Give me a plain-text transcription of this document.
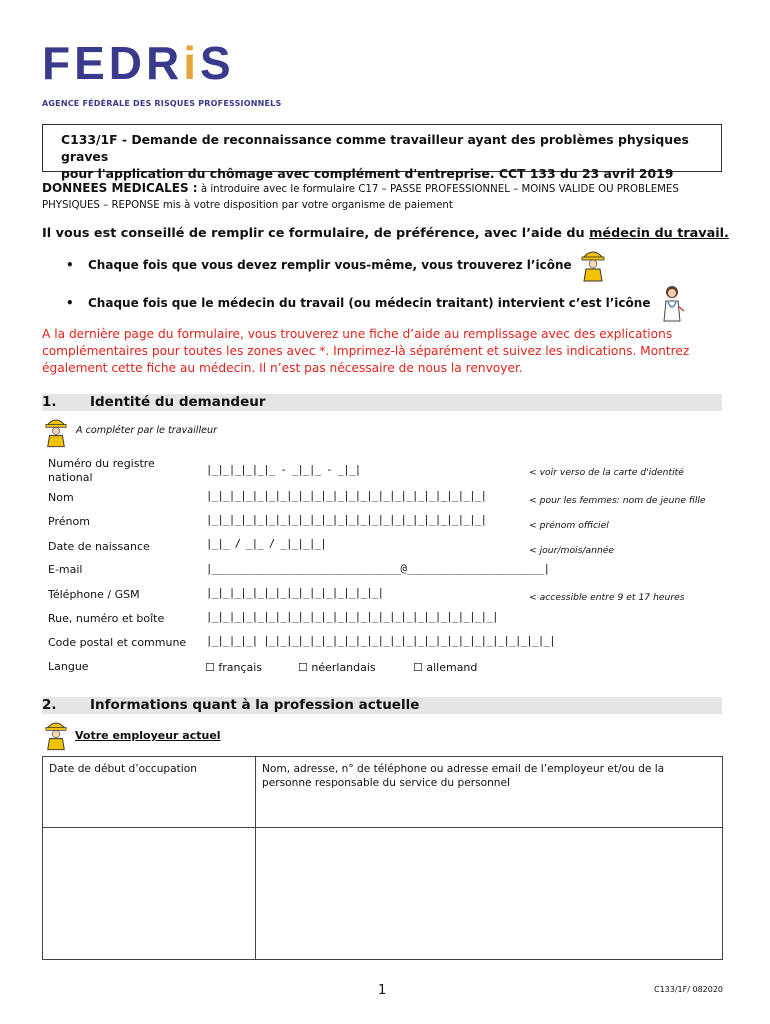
FEDRiS
AGENCE FÉDÉRALE DES RISQUES PROFESSIONNELS
C133/1F - Demande de reconnaissance comme travailleur ayant des problèmes physiques graves
pour l'application du chômage avec complément d'entreprise. CCT 133 du 23 avril 2019
DONNEES MEDICALES : à introduire avec le formulaire C17 – PASSE PROFESSIONNEL – MOINS VALIDE OU PROBLEMES PHYSIQUES – REPONSE mis à votre disposition par votre organisme de paiement
Il vous est conseillé de remplir ce formulaire, de préférence, avec l’aide du médecin du travail.
• Chaque fois que vous devez remplir vous-même, vous trouverez l’icône
• Chaque fois que le médecin du travail (ou médecin traitant) intervient c’est l’icône
A la dernière page du formulaire, vous trouverez une fiche d’aide au remplissage avec des explications complémentaires pour toutes les zones avec *. Imprimez-là séparément et suivez les indications. Montrez également cette fiche au médecin. Il n’est pas nécessaire de nous la renvoyer.
1. Identité du demandeur
A compléter par le travailleur
Numéro du registre national
|_|_|_|_|_|_ - _|_|_ - _|_|	< voir verso de la carte d'identité
Nom	|_|_|_|_|_|_|_|_|_|_|_|_|_|_|_|_|_|_|_|_|_|_|_|_|	< pour les femmes: nom de jeune fille
Prénom	|_|_|_|_|_|_|_|_|_|_|_|_|_|_|_|_|_|_|_|_|_|_|_|_|	< prénom officiel
Date de naissance	|_|_ / _|_ / _|_|_|_|
< jour/mois/année
E-mail	|_________________________________@________________________|
Téléphone / GSM	|_|_|_|_|_|_|_|_|_|_|_|_|_|_|_|	< accessible entre 9 et 17 heures
Rue, numéro et boîte	|_|_|_|_|_|_|_|_|_|_|_|_|_|_|_|_|_|_|_|_|_|_|_|_|_|
Code postal et commune |_|_|_|_| |_|_|_|_|_|_|_|_|_|_|_|_|_|_|_|_|_|_|_|_|_|_|_|_|_|
Langue	☐ français	☐ néerlandais	☐ allemand
2. Informations quant à la profession actuelle
Votre employeur actuel
Date de début d’occupation	Nom, adresse, n° de téléphone ou adresse email de l’employeur et/ou de la personne responsable du service du personnel

1	C133/1F/ 082020
